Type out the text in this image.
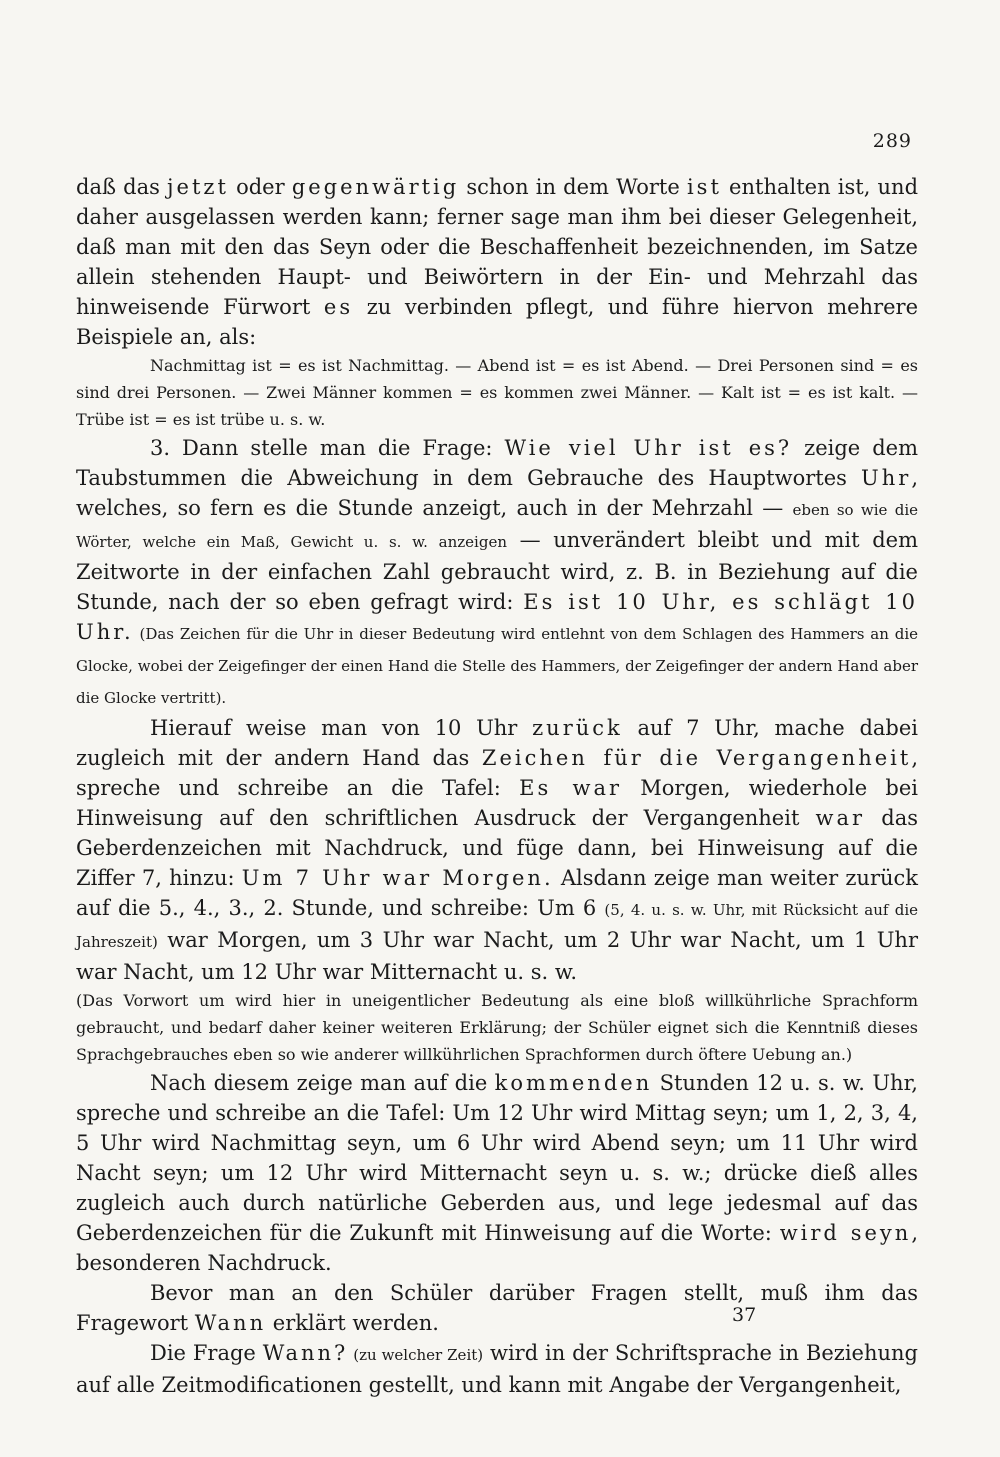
289

daß das jetzt oder gegenwärtig schon in dem Worte ist enthalten ist, und daher ausgelassen werden kann; ferner sage man ihm bei dieser Gelegenheit, daß man mit den das Seyn oder die Beschaffenheit bezeichnenden, im Satze allein stehenden Haupt- und Beiwörtern in der Ein- und Mehrzahl das hinweisende Fürwort es zu verbinden pflegt, und führe hiervon mehrere Beispiele an, als:

Nachmittag ist = es ist Nachmittag. — Abend ist = es ist Abend. — Drei Personen sind = es sind drei Personen. — Zwei Männer kommen = es kommen zwei Männer. — Kalt ist = es ist kalt. — Trübe ist = es ist trübe u. s. w.

3. Dann stelle man die Frage: Wie viel Uhr ist es? zeige dem Taubstummen die Abweichung in dem Gebrauche des Hauptwortes Uhr, welches, so fern es die Stunde anzeigt, auch in der Mehrzahl — eben so wie die Wörter, welche ein Maß, Gewicht u. s. w. anzeigen — unverändert bleibt und mit dem Zeitworte in der einfachen Zahl gebraucht wird, z. B. in Beziehung auf die Stunde, nach der so eben gefragt wird: Es ist 10 Uhr, es schlägt 10 Uhr. (Das Zeichen für die Uhr in dieser Bedeutung wird entlehnt von dem Schlagen des Hammers an die Glocke, wobei der Zeigefinger der einen Hand die Stelle des Hammers, der Zeigefinger der andern Hand aber die Glocke vertritt).

Hierauf weise man von 10 Uhr zurück auf 7 Uhr, mache dabei zugleich mit der andern Hand das Zeichen für die Vergangenheit, spreche und schreibe an die Tafel: Es war Morgen, wiederhole bei Hinweisung auf den schriftlichen Ausdruck der Vergangenheit war das Geberdenzeichen mit Nachdruck, und füge dann, bei Hinweisung auf die Ziffer 7, hinzu: Um 7 Uhr war Morgen. Alsdann zeige man weiter zurück auf die 5., 4., 3., 2. Stunde, und schreibe: Um 6 (5, 4. u. s. w. Uhr, mit Rücksicht auf die Jahreszeit) war Morgen, um 3 Uhr war Nacht, um 2 Uhr war Nacht, um 1 Uhr war Nacht, um 12 Uhr war Mitternacht u. s. w.

(Das Vorwort um wird hier in uneigentlicher Bedeutung als eine bloß willkührliche Sprachform gebraucht, und bedarf daher keiner weiteren Erklärung; der Schüler eignet sich die Kenntniß dieses Sprachgebrauches eben so wie anderer willkührlichen Sprachformen durch öftere Uebung an.)

Nach diesem zeige man auf die kommenden Stunden 12 u. s. w. Uhr, spreche und schreibe an die Tafel: Um 12 Uhr wird Mittag seyn; um 1, 2, 3, 4, 5 Uhr wird Nachmittag seyn, um 6 Uhr wird Abend seyn; um 11 Uhr wird Nacht seyn; um 12 Uhr wird Mitternacht seyn u. s. w.; drücke dieß alles zugleich auch durch natürliche Geberden aus, und lege jedesmal auf das Geberdenzeichen für die Zukunft mit Hinweisung auf die Worte: wird seyn, besonderen Nachdruck.

Bevor man an den Schüler darüber Fragen stellt, muß ihm das Fragewort Wann erklärt werden.

Die Frage Wann? (zu welcher Zeit) wird in der Schriftsprache in Beziehung auf alle Zeitmodificationen gestellt, und kann mit Angabe der Vergangenheit,

37
